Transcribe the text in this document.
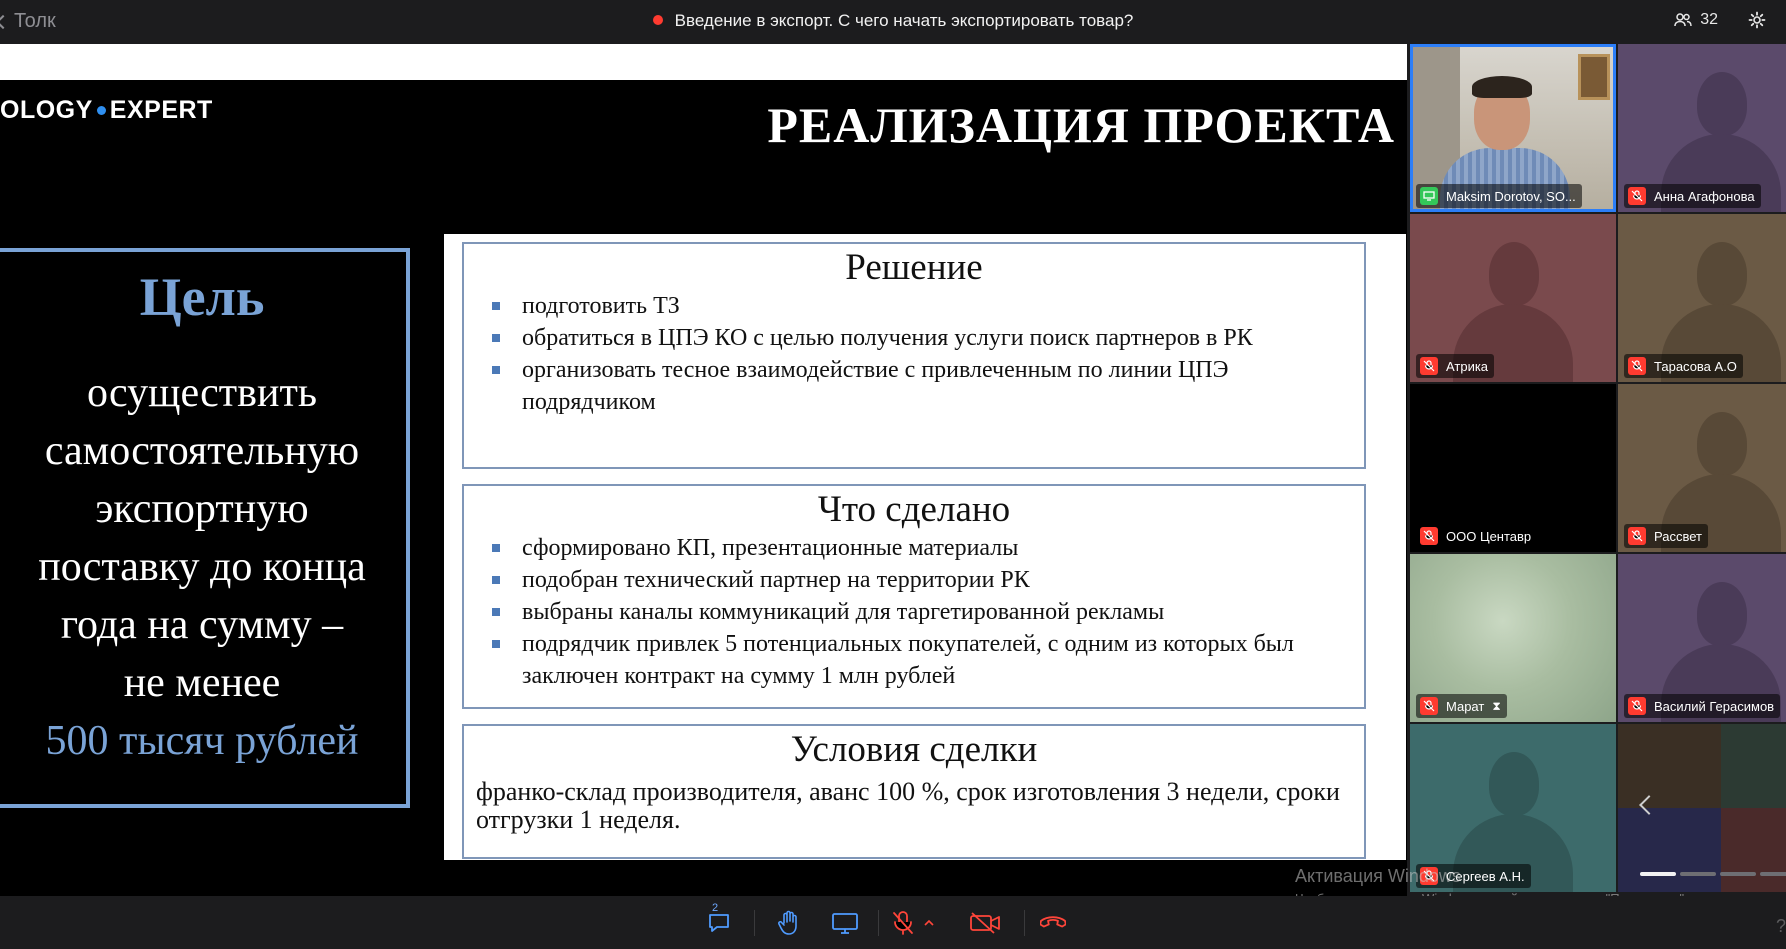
Толк	Введение в экспорт. С чего начать экспортировать товар?	32
OLOGY EXPERT	РЕАЛИЗАЦИЯ ПРОЕКТА
Цель
осуществить
самостоятельную
экспортную
поставку до конца
года на сумму –
не менее
500 тысяч рублей
Решение
подготовить ТЗ
обратиться в ЦПЭ КО с целью получения услуги поиск партнеров в РК
организовать тесное взаимодействие с привлеченным по линии ЦПЭ подрядчиком
Что сделано
сформировано КП, презентационные материалы
подобран технический партнер на территории РК
выбраны каналы коммуникаций для таргетированной рекламы
подрядчик привлек 5 потенциальных покупателей, с одним из которых был заключен контракт на сумму 1 млн рублей
Условия сделки

франко-склад производителя, аванс 100 %, срок изготовления 3 недели, сроки отгрузки 1 неделя.

Maksim Dorotov, SO...	Анна Агафонова
Атрика	Тарасова А.О
ООО Центавр	Рассвет
Марат ⧗	Василий Герасимов
Сергеев А.Н.
Активация Windows
2
?
